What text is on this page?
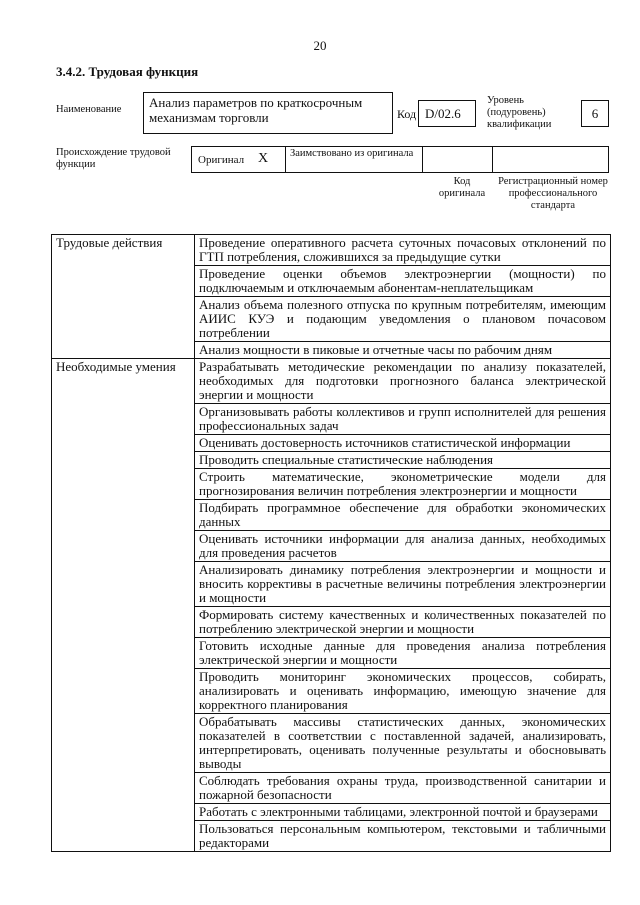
20
3.4.2. Трудовая функция
Наименование	Анализ параметров по краткосрочным механизмам торговли	Код D/02.6
Уровень (подуровень) квалификации
6
Происхождение трудовой функции	Оригинал X	Заимствовано из оригинала
Код оригинала
Регистрационный номер профессионального стандарта
Трудовые действия	Проведение оперативного расчета суточных почасовых отклонений по ГТП потребления, сложившихся за предыдущие сутки
	Проведение оценки объемов электроэнергии (мощности) по подключаемым и отключаемым абонентам-неплательщикам
	Анализ объема полезного отпуска по крупным потребителям, имеющим АИИС КУЭ и подающим уведомления о плановом почасовом потреблении
	Анализ мощности в пиковые и отчетные часы по рабочим дням
Необходимые умения	Разрабатывать методические рекомендации по анализу показателей, необходимых для подготовки прогнозного баланса электрической энергии и мощности
	Организовывать работы коллективов и групп исполнителей для решения профессиональных задач
	Оценивать достоверность источников статистической информации
	Проводить специальные статистические наблюдения
	Строить математические, эконометрические модели для прогнозирования величин потребления электроэнергии и мощности
	Подбирать программное обеспечение для обработки экономических данных
	Оценивать источники информации для анализа данных, необходимых для проведения расчетов
	Анализировать динамику потребления электроэнергии и мощности и вносить коррективы в расчетные величины потребления электроэнергии и мощности
	Формировать систему качественных и количественных показателей по потреблению электрической энергии и мощности
	Готовить исходные данные для проведения анализа потребления электрической энергии и мощности
	Проводить мониторинг экономических процессов, собирать, анализировать и оценивать информацию, имеющую значение для корректного планирования
	Обрабатывать массивы статистических данных, экономических показателей в соответствии с поставленной задачей, анализировать, интерпретировать, оценивать полученные результаты и обосновывать выводы
	Соблюдать требования охраны труда, производственной санитарии и пожарной безопасности
	Работать с электронными таблицами, электронной почтой и браузерами
	Пользоваться персональным компьютером, текстовыми и табличными редакторами
